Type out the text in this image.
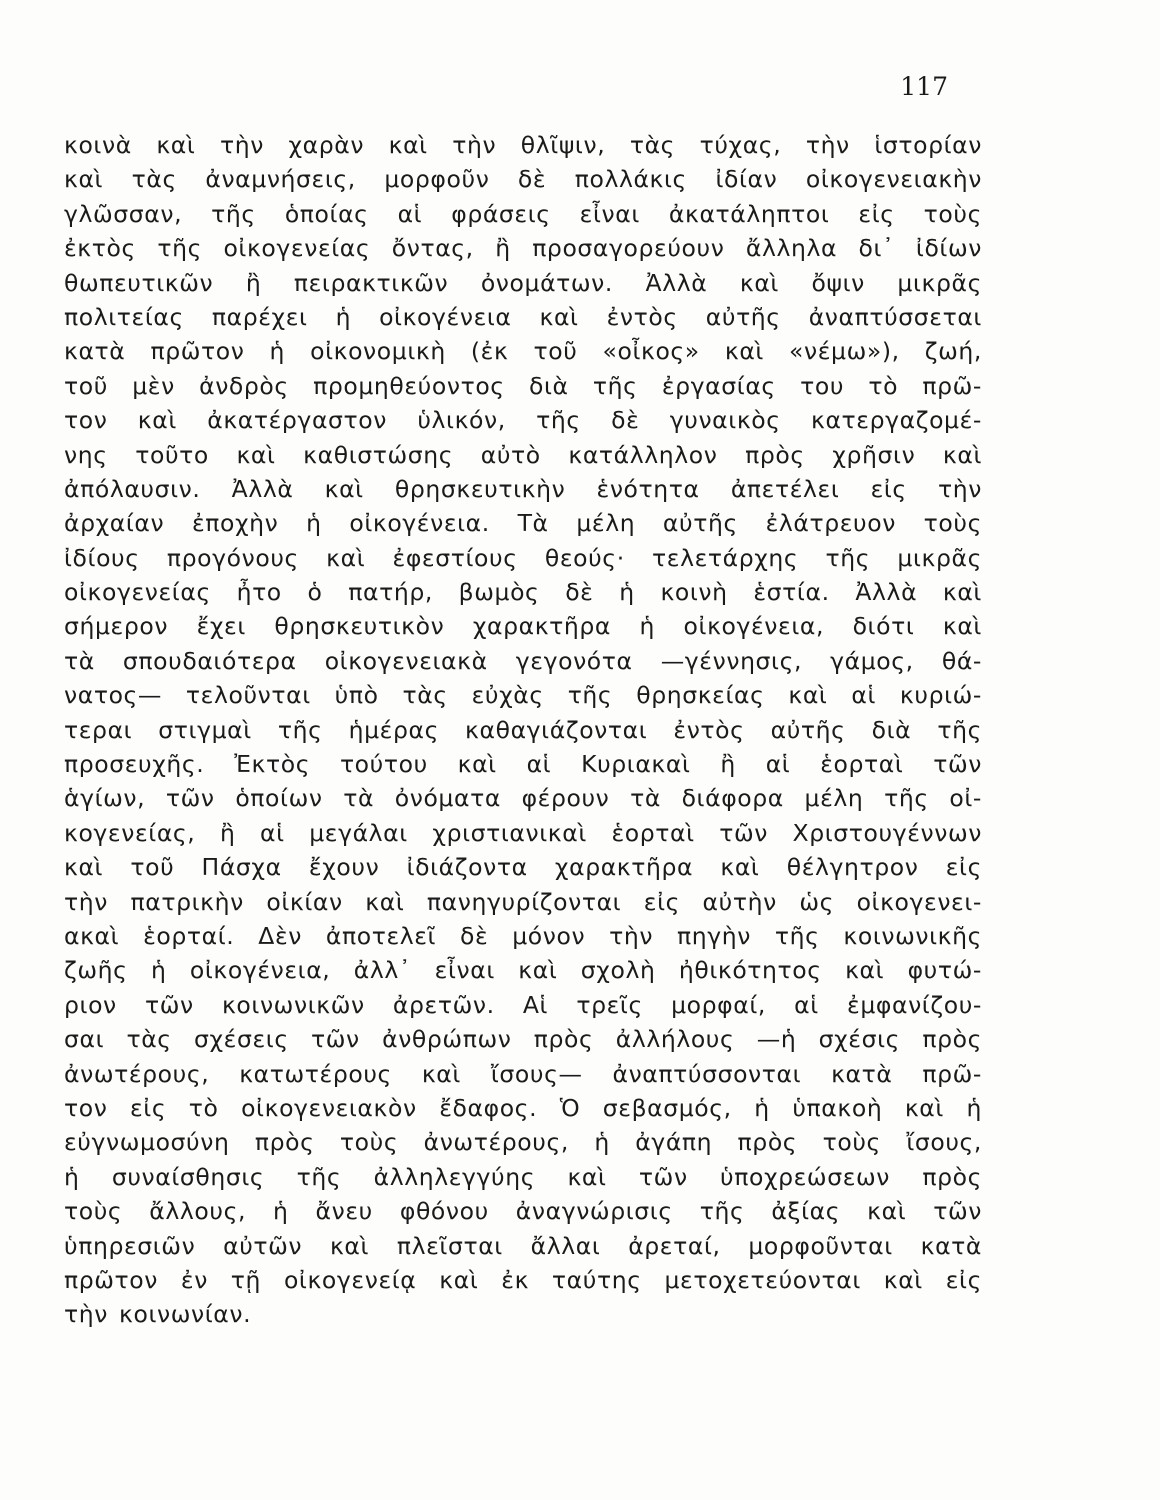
117
κοινὰ καὶ τὴν χαρὰν καὶ τὴν θλῖψιν, τὰς τύχας, τὴν ἱστορίαν
καὶ τὰς ἀναμνήσεις, μορφοῦν δὲ πολλάκις ἰδίαν οἰκογενειακὴν
γλῶσσαν, τῆς ὁποίας αἱ φράσεις εἶναι ἀκατάληπτοι εἰς τοὺς
ἐκτὸς τῆς οἰκογενείας ὄντας, ἢ προσαγορεύουν ἄλληλα δι᾽ ἰδίων
θωπευτικῶν ἢ πειρακτικῶν ὀνομάτων. Ἀλλὰ καὶ ὄψιν μικρᾶς
πολιτείας παρέχει ἡ οἰκογένεια καὶ ἐντὸς αὐτῆς ἀναπτύσσεται
κατὰ πρῶτον ἡ οἰκονομικὴ (ἐκ τοῦ «οἶκος» καὶ «νέμω»), ζωή,
τοῦ μὲν ἀνδρὸς προμηθεύοντος διὰ τῆς ἐργασίας του τὸ πρῶ-
τον καὶ ἀκατέργαστον ὑλικόν, τῆς δὲ γυναικὸς κατεργαζομέ-
νης τοῦτο καὶ καθιστώσης αὐτὸ κατάλληλον πρὸς χρῆσιν καὶ
ἀπόλαυσιν. Ἀλλὰ καὶ θρησκευτικὴν ἑνότητα ἀπετέλει εἰς τὴν
ἀρχαίαν ἐποχὴν ἡ οἰκογένεια. Τὰ μέλη αὐτῆς ἐλάτρευον τοὺς
ἰδίους προγόνους καὶ ἐφεστίους θεούς· τελετάρχης τῆς μικρᾶς
οἰκογενείας ἦτο ὁ πατήρ, βωμὸς δὲ ἡ κοινὴ ἑστία. Ἀλλὰ καὶ
σήμερον ἔχει θρησκευτικὸν χαρακτῆρα ἡ οἰκογένεια, διότι καὶ
τὰ σπουδαιότερα οἰκογενειακὰ γεγονότα —γέννησις, γάμος, θά-
νατος— τελοῦνται ὑπὸ τὰς εὐχὰς τῆς θρησκείας καὶ αἱ κυριώ-
τεραι στιγμαὶ τῆς ἡμέρας καθαγιάζονται ἐντὸς αὐτῆς διὰ τῆς
προσευχῆς. Ἐκτὸς τούτου καὶ αἱ Κυριακαὶ ἢ αἱ ἑορταὶ τῶν
ἁγίων, τῶν ὁποίων τὰ ὀνόματα φέρουν τὰ διάφορα μέλη τῆς οἰ-
κογενείας, ἢ αἱ μεγάλαι χριστιανικαὶ ἑορταὶ τῶν Χριστουγέννων
καὶ τοῦ Πάσχα ἔχουν ἰδιάζοντα χαρακτῆρα καὶ θέλγητρον εἰς
τὴν πατρικὴν οἰκίαν καὶ πανηγυρίζονται εἰς αὐτὴν ὡς οἰκογενει-
ακαὶ ἑορταί. Δὲν ἀποτελεῖ δὲ μόνον τὴν πηγὴν τῆς κοινωνικῆς
ζωῆς ἡ οἰκογένεια, ἀλλ᾽ εἶναι καὶ σχολὴ ἠθικότητος καὶ φυτώ-
ριον τῶν κοινωνικῶν ἀρετῶν. Αἱ τρεῖς μορφαί, αἱ ἐμφανίζου-
σαι τὰς σχέσεις τῶν ἀνθρώπων πρὸς ἀλλήλους —ἡ σχέσις πρὸς
ἀνωτέρους, κατωτέρους καὶ ἴσους— ἀναπτύσσονται κατὰ πρῶ-
τον εἰς τὸ οἰκογενειακὸν ἔδαφος. Ὁ σεβασμός, ἡ ὑπακοὴ καὶ ἡ
εὐγνωμοσύνη πρὸς τοὺς ἀνωτέρους, ἡ ἀγάπη πρὸς τοὺς ἴσους,
ἡ συναίσθησις τῆς ἀλληλεγγύης καὶ τῶν ὑποχρεώσεων πρὸς
τοὺς ἄλλους, ἡ ἄνευ φθόνου ἀναγνώρισις τῆς ἀξίας καὶ τῶν
ὑπηρεσιῶν αὐτῶν καὶ πλεῖσται ἄλλαι ἀρεταί, μορφοῦνται κατὰ
πρῶτον ἐν τῇ οἰκογενείᾳ καὶ ἐκ ταύτης μετοχετεύονται καὶ εἰς
τὴν κοινωνίαν.
